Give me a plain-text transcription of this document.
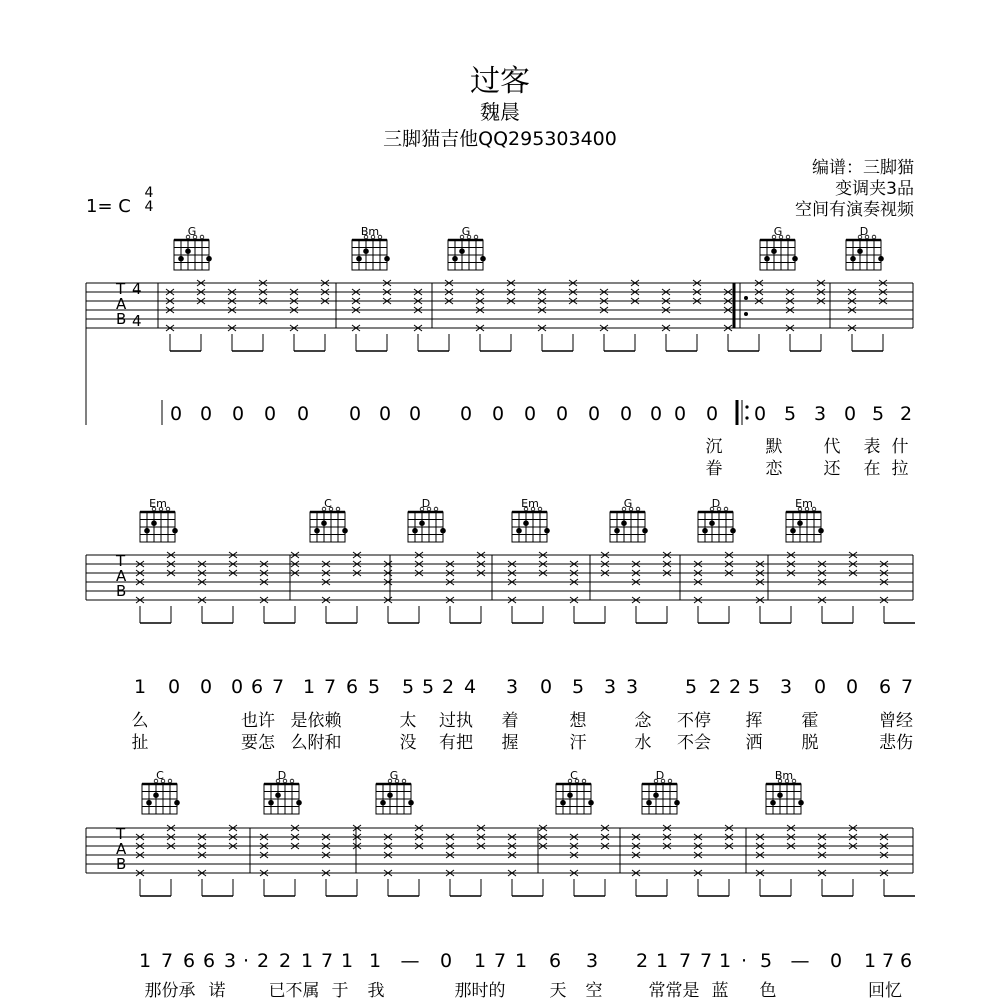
过客
魏晨
三脚猫吉他QQ295303400
编谱：三脚猫
变调夹3品
空间有演奏视频
1= C
4
4
T
A
B
4
4
T
A
B
T
A
B
G	Bm	G	G	D
Em	C	D	Em	G	D	Em
C	D	G	C	D	Bm
0 0 0 0 0 0 0 0 0 0 0 0 0 0 0 0 0 0 5 3 0 5 2
沉	默 代 表 什
眷	恋 还 在 拉
1 0 0 0 6 7 1 7 6 5 5 5 2 4 3 0 5 3 3 5 2 2 5 3 0 0 6 7
么	也许 是依赖	太 过执 着	想	念 不停 挥 霍	曾经
扯	要怎 么附和	没 有把 握	汗	水 不会 洒 脱	悲伤
1 7 6 6 3 · 2 2 1 7 1 1 — 0 1 7 1 6 3 2 1 7 7 1 · 5 — 0 1 7 6
那份承 诺	已不属 于 我	那时的	天 空	常常是 蓝 色	回忆
